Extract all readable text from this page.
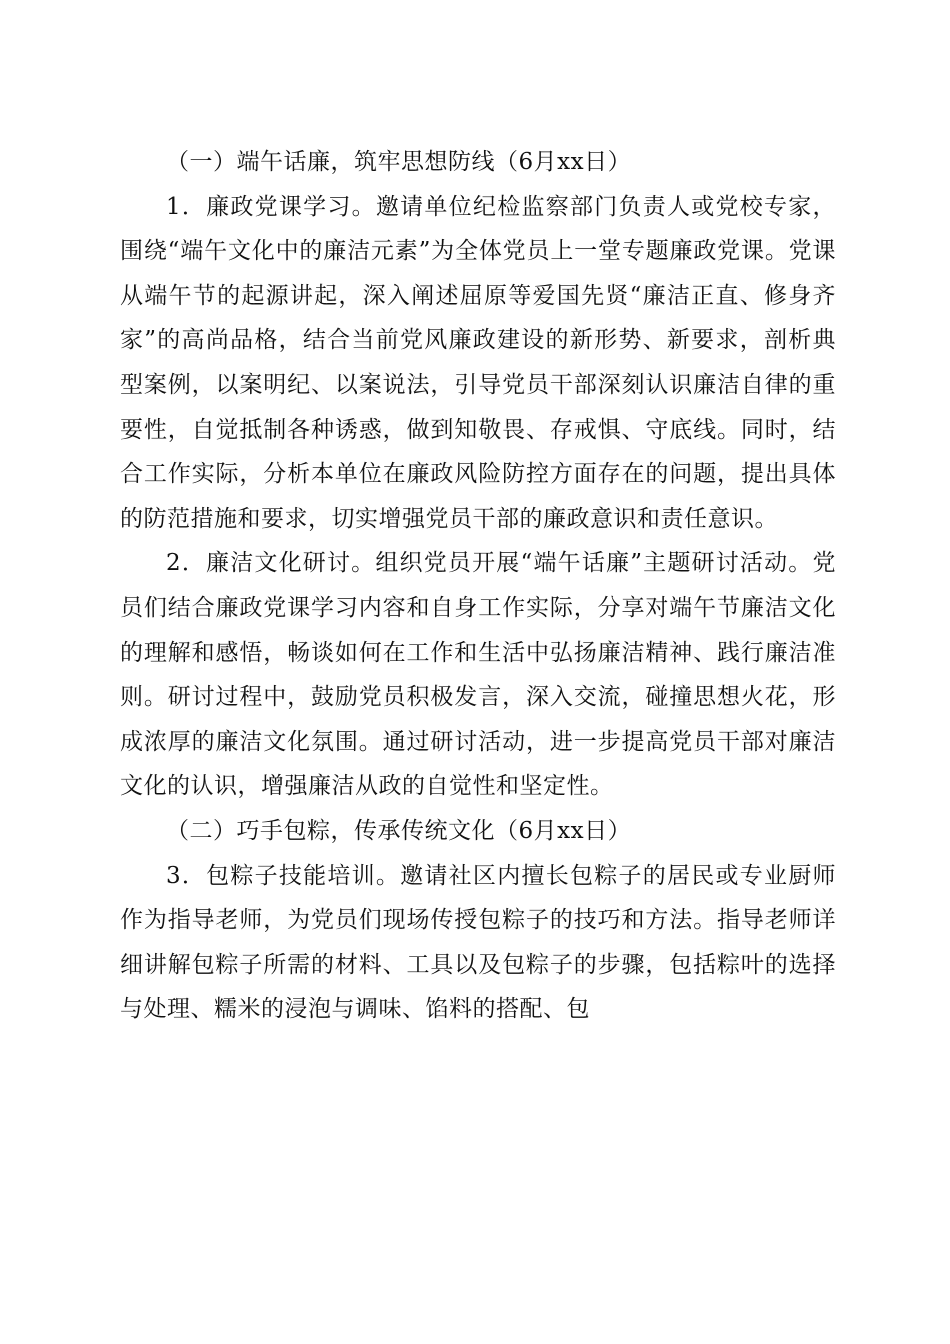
（一）端午话廉，筑牢思想防线（6月xx日）

1．廉政党课学习。邀请单位纪检监察部门负责人或党校专家，围绕“端午文化中的廉洁元素”为全体党员上一堂专题廉政党课。党课从端午节的起源讲起，深入阐述屈原等爱国先贤“廉洁正直、修身齐家”的高尚品格，结合当前党风廉政建设的新形势、新要求，剖析典型案例，以案明纪、以案说法，引导党员干部深刻认识廉洁自律的重要性，自觉抵制各种诱惑，做到知敬畏、存戒惧、守底线。同时，结合工作实际，分析本单位在廉政风险防控方面存在的问题，提出具体的防范措施和要求，切实增强党员干部的廉政意识和责任意识。

2．廉洁文化研讨。组织党员开展“端午话廉”主题研讨活动。党员们结合廉政党课学习内容和自身工作实际，分享对端午节廉洁文化的理解和感悟，畅谈如何在工作和生活中弘扬廉洁精神、践行廉洁准则。研讨过程中，鼓励党员积极发言，深入交流，碰撞思想火花，形成浓厚的廉洁文化氛围。通过研讨活动，进一步提高党员干部对廉洁文化的认识，增强廉洁从政的自觉性和坚定性。

（二）巧手包粽，传承传统文化（6月xx日）

3．包粽子技能培训。邀请社区内擅长包粽子的居民或专业厨师作为指导老师，为党员们现场传授包粽子的技巧和方法。指导老师详细讲解包粽子所需的材料、工具以及包粽子的步骤，包括粽叶的选择与处理、糯米的浸泡与调味、馅料的搭配、包
